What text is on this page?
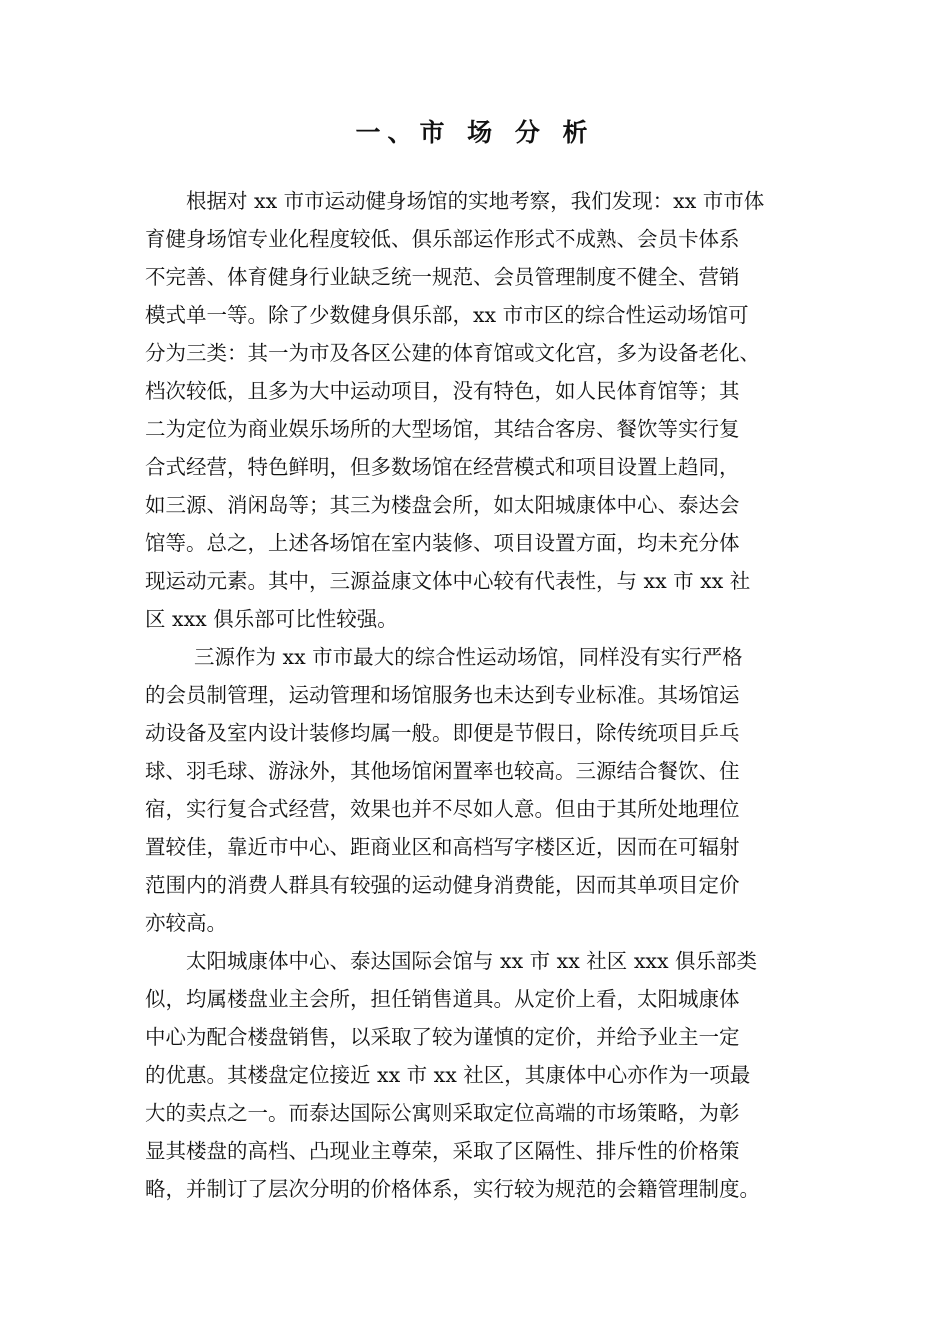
一、市 场 分 析
根据对 xx 市市运动健身场馆的实地考察，我们发现：xx 市市体
育健身场馆专业化程度较低、俱乐部运作形式不成熟、会员卡体系
不完善、体育健身行业缺乏统一规范、会员管理制度不健全、营销
模式单一等。除了少数健身俱乐部，xx 市市区的综合性运动场馆可
分为三类：其一为市及各区公建的体育馆或文化宫，多为设备老化、
档次较低，且多为大中运动项目，没有特色，如人民体育馆等；其
二为定位为商业娱乐场所的大型场馆，其结合客房、餐饮等实行复
合式经营，特色鲜明，但多数场馆在经营模式和项目设置上趋同，
如三源、消闲岛等；其三为楼盘会所，如太阳城康体中心、泰达会
馆等。总之，上述各场馆在室内装修、项目设置方面，均未充分体
现运动元素。其中，三源益康文体中心较有代表性，与 xx 市 xx 社
区 xxx 俱乐部可比性较强。
三源作为 xx 市市最大的综合性运动场馆，同样没有实行严格
的会员制管理，运动管理和场馆服务也未达到专业标准。其场馆运
动设备及室内设计装修均属一般。即便是节假日，除传统项目乒乓
球、羽毛球、游泳外，其他场馆闲置率也较高。三源结合餐饮、住
宿，实行复合式经营，效果也并不尽如人意。但由于其所处地理位
置较佳，靠近市中心、距商业区和高档写字楼区近，因而在可辐射
范围内的消费人群具有较强的运动健身消费能，因而其单项目定价
亦较高。
太阳城康体中心、泰达国际会馆与 xx 市 xx 社区 xxx 俱乐部类
似，均属楼盘业主会所，担任销售道具。从定价上看，太阳城康体
中心为配合楼盘销售，以采取了较为谨慎的定价，并给予业主一定
的优惠。其楼盘定位接近 xx 市 xx 社区，其康体中心亦作为一项最
大的卖点之一。而泰达国际公寓则采取定位高端的市场策略，为彰
显其楼盘的高档、凸现业主尊荣，采取了区隔性、排斥性的价格策
略，并制订了层次分明的价格体系，实行较为规范的会籍管理制度。
